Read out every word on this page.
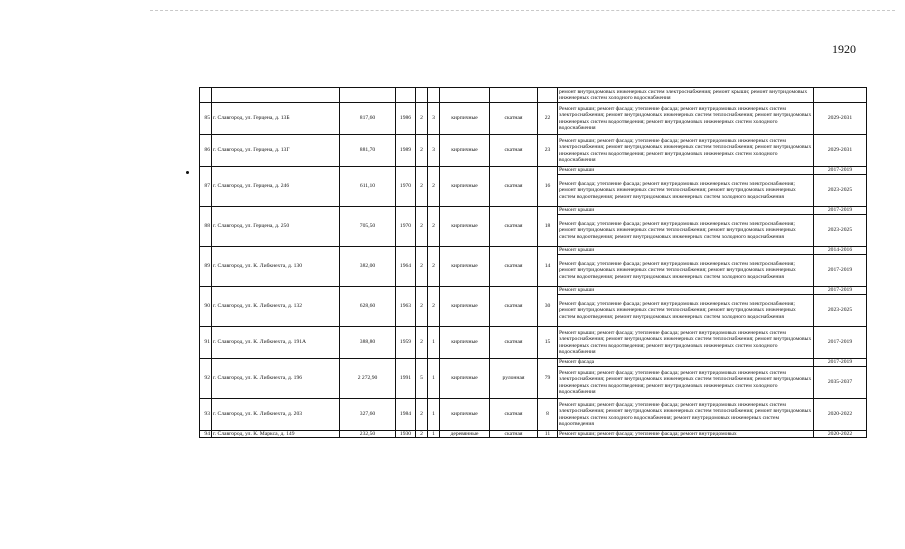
1920
									ремонт внутридомовых инженерных систем электроснабжения; ремонт крыши; ремонт внутридомовых инженерных систем холодного водоснабжения	
85	г. Славгород, ул. Герцена, д. 13Б	817,60	1986	2	3	кирпичные	скатная	22	Ремонт крыши; ремонт фасада; утепление фасада; ремонт внутридомовых инженерных систем электроснабжения; ремонт внутридомовых инженерных систем теплоснабжения; ремонт внутридомовых инженерных систем водоотведения; ремонт внутридомовых инженерных систем холодного водоснабжения	2029-2031
86	г. Славгород, ул. Герцена, д. 13Г	881,70	1989	2	3	кирпичные	скатная	23	Ремонт крыши; ремонт фасада; утепление фасада; ремонт внутридомовых инженерных систем электроснабжения; ремонт внутридомовых инженерных систем теплоснабжения; ремонт внутридомовых инженерных систем водоотведения; ремонт внутридомовых инженерных систем холодного водоснабжения	2029-2031
87	г. Славгород, ул. Герцена, д. 246	611,10	1970	2	2	кирпичные	скатная	16	Ремонт крыши	2017-2019
									Ремонт фасада; утепление фасада; ремонт внутридомовых инженерных систем электроснабжения; ремонт внутридомовых инженерных систем теплоснабжения; ремонт внутридомовых инженерных систем водоотведения; ремонт внутридомовых инженерных систем холодного водоснабжения	2023-2025
88	г. Славгород, ул. Герцена, д. 250	705,50	1970	2	2	кирпичные	скатная	18	Ремонт крыши	2017-2019
									Ремонт фасада; утепление фасада; ремонт внутридомовых инженерных систем электроснабжения; ремонт внутридомовых инженерных систем теплоснабжения; ремонт внутридомовых инженерных систем водоотведения; ремонт внутридомовых инженерных систем холодного водоснабжения	2023-2025
89	г. Славгород, ул. К. Либкнехта, д. 130	382,00	1964	2	2	кирпичные	скатная	14	Ремонт крыши	2014-2016
									Ремонт фасада; утепление фасада; ремонт внутридомовых инженерных систем электроснабжения; ремонт внутридомовых инженерных систем теплоснабжения; ремонт внутридомовых инженерных систем водоотведения; ремонт внутридомовых инженерных систем холодного водоснабжения	2017-2019
90	г. Славгород, ул. К. Либкнехта, д. 132	628,60	1963	2	2	кирпичные	скатная	30	Ремонт крыши	2017-2019
									Ремонт фасада; утепление фасада; ремонт внутридомовых инженерных систем электроснабжения; ремонт внутридомовых инженерных систем теплоснабжения; ремонт внутридомовых инженерных систем водоотведения; ремонт внутридомовых инженерных систем холодного водоснабжения	2023-2025
91	г. Славгород, ул. К. Либкнехта, д. 191А	388,80	1959	2	1	кирпичные	скатная	15	Ремонт крыши; ремонт фасада; утепление фасада; ремонт внутридомовых инженерных систем электроснабжения; ремонт внутридомовых инженерных систем теплоснабжения; ремонт внутридомовых инженерных систем водоотведения; ремонт внутридомовых инженерных систем холодного водоснабжения	2017-2019
92	г. Славгород, ул. К. Либкнехта, д. 196	2 272,90	1991	5	1	кирпичные	рулонная	79	Ремонт фасада	2017-2019
									Ремонт крыши; ремонт фасада; утепление фасада; ремонт внутридомовых инженерных систем электроснабжения; ремонт внутридомовых инженерных систем теплоснабжения; ремонт внутридомовых инженерных систем водоотведения; ремонт внутридомовых инженерных систем холодного водоснабжения	2035-2037
93	г. Славгород, ул. К. Либкнехта, д. 203	327,60	1984	2	1	кирпичные	скатная	8	Ремонт крыши; ремонт фасада; утепление фасада; ремонт внутридомовых инженерных систем электроснабжения; ремонт внутридомовых инженерных систем теплоснабжения; ремонт внутридомовых инженерных систем холодного водоснабжения; ремонт внутридомовых инженерных систем водоотведения	2020-2022
94	г. Славгород, ул. К. Маркса, д. 149	232,50	1930	2	1	деревянные	скатная	11	Ремонт крыши; ремонт фасада; утепление фасада; ремонт внутридомовых	2020-2022
